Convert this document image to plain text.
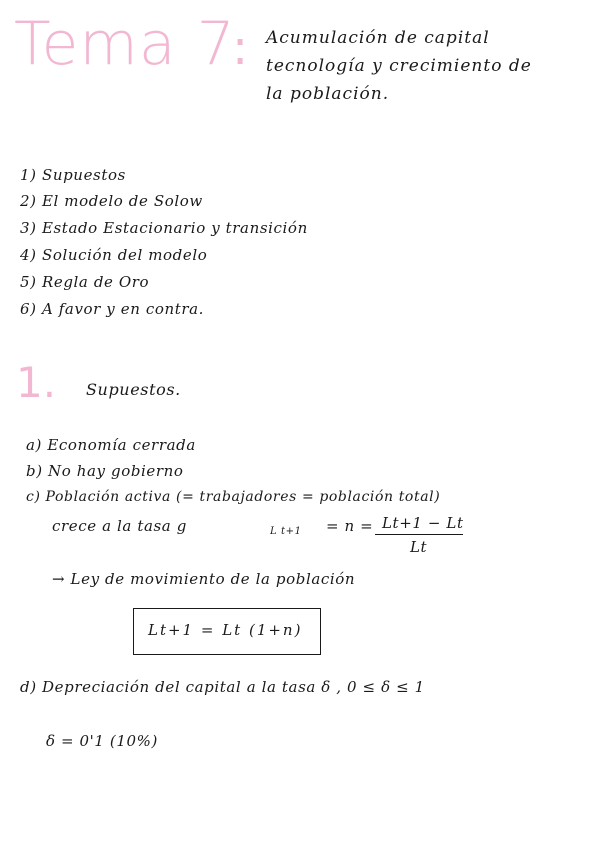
Tema 7
: Acumulación de capital
tecnología y crecimiento de
la población.
1) Supuestos
2) El modelo de Solow
3) Estado Estacionario y transición
4) Solución del modelo
5) Regla de Oro
6) A favor y en contra.
1. Supuestos.
a) Economía cerrada
b) No hay gobierno
c) Población activa (= trabajadores = población total)
crece a la tasa g	L t+1 = n = Lt+1 − Lt
Lt
→ Ley de movimiento de la población
Lt+1 = Lt (1+n)
d) Depreciación del capital a la tasa δ , 0 ≤ δ ≤ 1
δ = 0'1 (10%)
